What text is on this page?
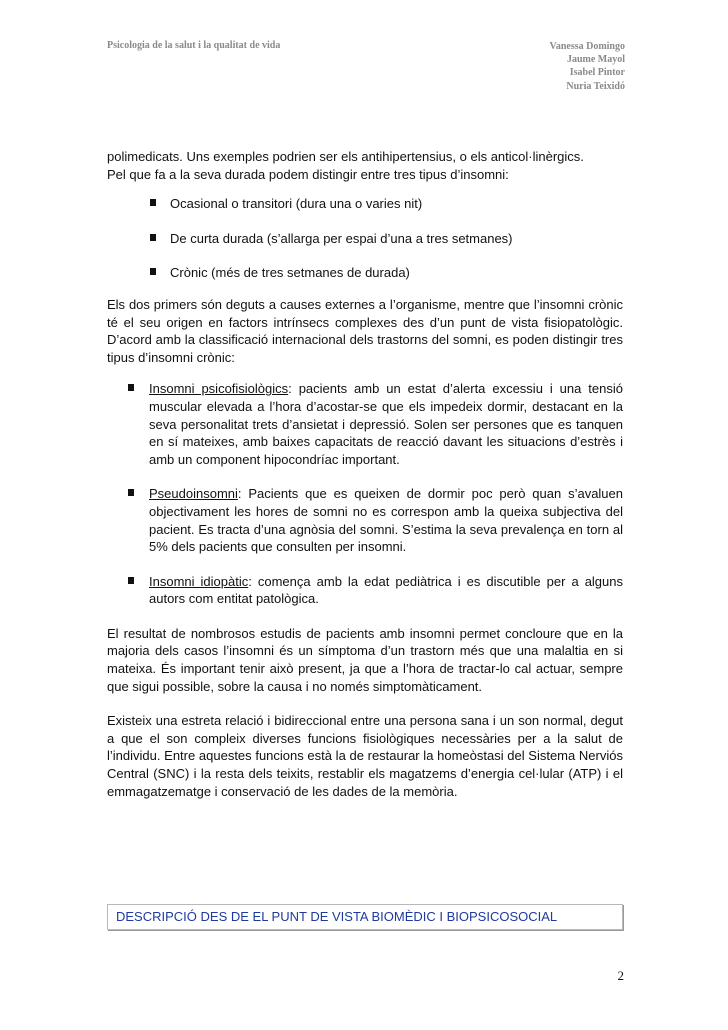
Psicologia de la salut i la qualitat de vida	Vanessa Domingo
Jaume Mayol
Isabel Pintor
Nuria Teixidó

polimedicats. Uns exemples podrien ser els antihipertensius, o els anticol·linèrgics.

Pel que fa a la seva durada podem distingir entre tres tipus d’insomni:

Ocasional o transitori (dura una o varies nit)
De curta durada (s’allarga per espai d’una a tres setmanes)
Crònic (més de tres setmanes de durada)

Els dos primers són deguts a causes externes a l’organisme, mentre que l’insomni crònic té el seu origen en factors intrínsecs complexes des d’un punt de vista fisiopatològic. D’acord amb la classificació internacional dels trastorns del somni, es poden distingir tres tipus d’insomni crònic:

Insomni psicofisiològics: pacients amb un estat d’alerta excessiu i una tensió muscular elevada a l’hora d’acostar-se que els impedeix dormir, destacant en la seva personalitat trets d’ansietat i depressió. Solen ser persones que es tanquen en sí mateixes, amb baixes capacitats de reacció davant les situacions d’estrès i amb un component hipocondríac important.
Pseudoinsomni: Pacients que es queixen de dormir poc però quan s’avaluen objectivament les hores de somni no es correspon amb la queixa subjectiva del pacient. Es tracta d’una agnòsia del somni. S’estima la seva prevalença en torn al 5% dels pacients que consulten per insomni.
Insomni idiopàtic: comença amb la edat pediàtrica i es discutible per a alguns autors com entitat patològica.

El resultat de nombrosos estudis de pacients amb insomni permet concloure que en la majoria dels casos l’insomni és un símptoma d’un trastorn més que una malaltia en si mateixa. És important tenir això present, ja que a l’hora de tractar-lo cal actuar, sempre que sigui possible, sobre la causa i no només simptomàticament.

Existeix una estreta relació i bidireccional entre una persona sana i un son normal, degut a que el son compleix diverses funcions fisiològiques necessàries per a la salut de l’individu. Entre aquestes funcions està la de restaurar la homeòstasi del Sistema Nerviós Central (SNC) i la resta dels teixits, restablir els magatzems d’energia cel·lular (ATP) i el emmagatzematge i conservació de les dades de la memòria.

DESCRIPCIÓ DES DE EL PUNT DE VISTA BIOMÈDIC I BIOPSICOSOCIAL
2
